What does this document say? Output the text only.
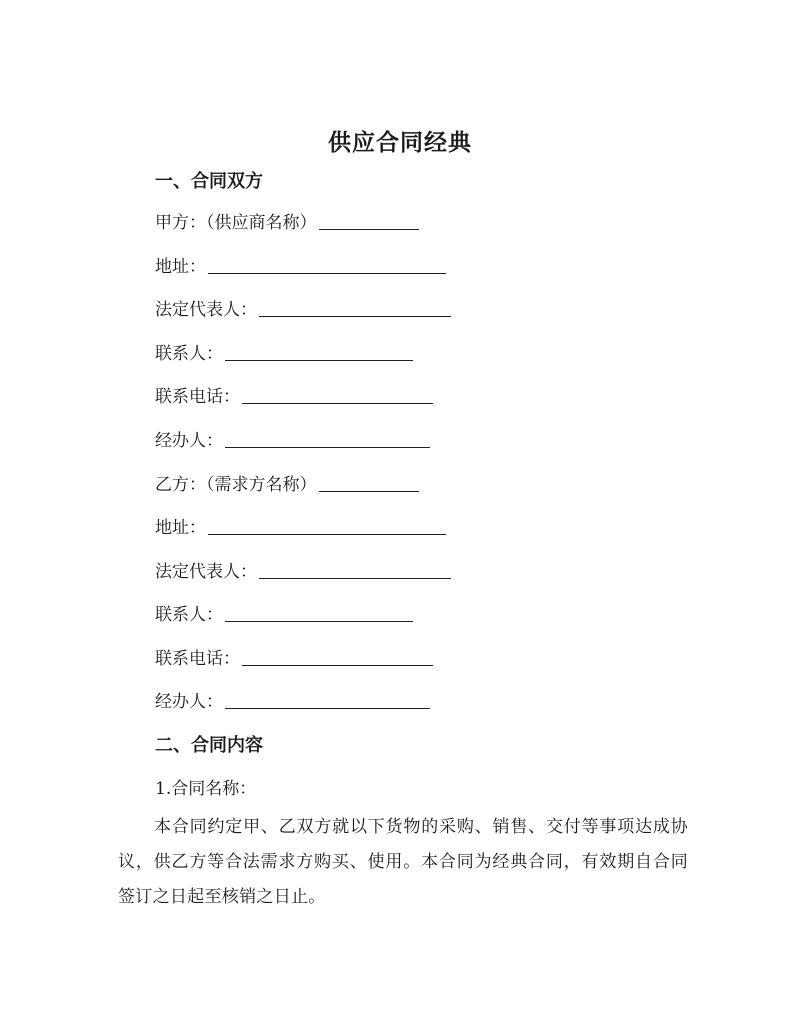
供应合同经典
一、合同双方
甲方：（供应商名称）
地址：
法定代表人：
联系人：
联系电话：
经办人：
乙方：（需求方名称）
地址：
法定代表人：
联系人：
联系电话：
经办人：
二、合同内容
1.合同名称：
本合同约定甲、乙双方就以下货物的采购、销售、交付等事项达成协议，供乙方等合法需求方购买、使用。本合同为经典合同，有效期自合同签订之日起至核销之日止。
